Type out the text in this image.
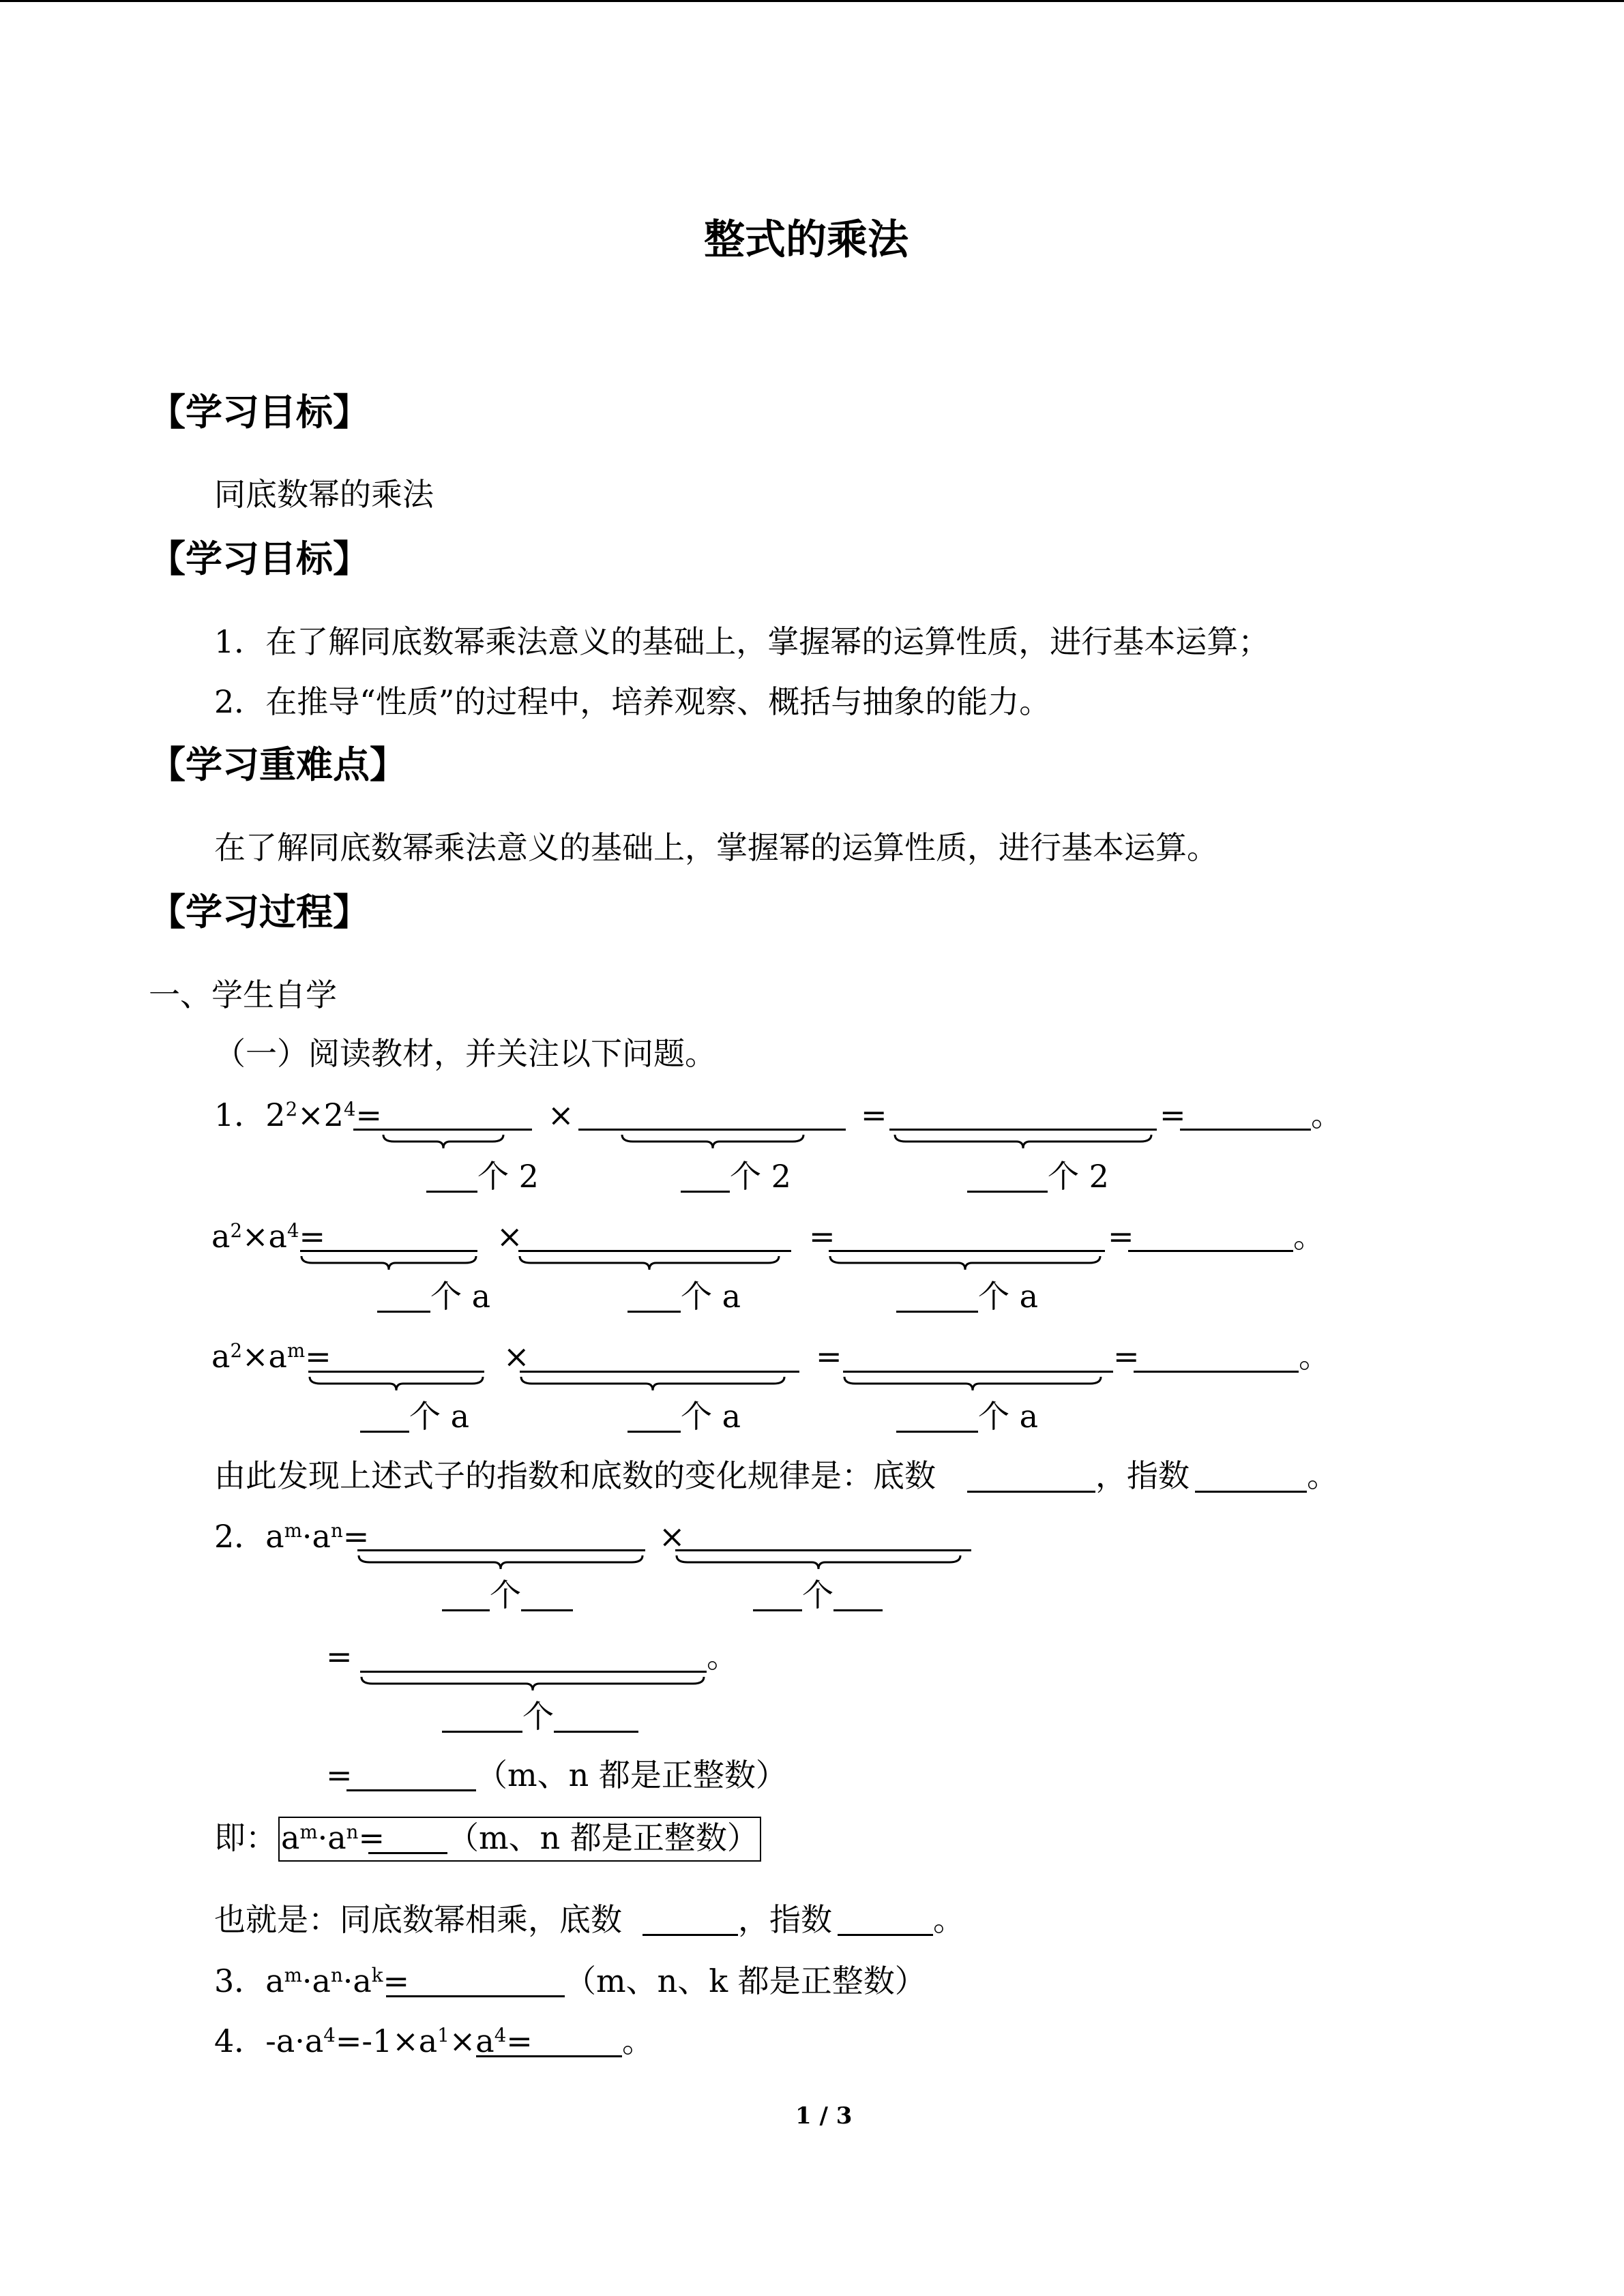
整式的乘法
【学习目标】
同底数幂的乘法
【学习目标】
1．在了解同底数幂乘法意义的基础上，掌握幂的运算性质，进行基本运算；
2．在推导“性质”的过程中，培养观察、概括与抽象的能力。
【学习重难点】
在了解同底数幂乘法意义的基础上，掌握幂的运算性质，进行基本运算。
【学习过程】
一、学生自学
（一）阅读教材，并关注以下问题。
1．$2^2\times 2^4=$	×	=	=	。
个 2	个 2	个 2
$a^2\times a^4=$	×	=	=	。
个 a	个 a	个 a
$a^2\times a^m=$	×	=	=	。
个 a	个 a	个 a
由此发现上述式子的指数和底数的变化规律是：底数	，指数	。
2．$a^m\cdot a^n=$	×
个	个
=	。
个
=	（m、n 都是正整数）
即： $a^m\cdot a^n= (m$、n 都是正整数）
也就是：同底数幂相乘，底数	，指数	。
3．$a^m\cdot a^n\cdot a^k=$	（m、n、k 都是正整数）
4．$-a\cdot a^4=-1\times a^1\times a^4=$	。
1 / 3
